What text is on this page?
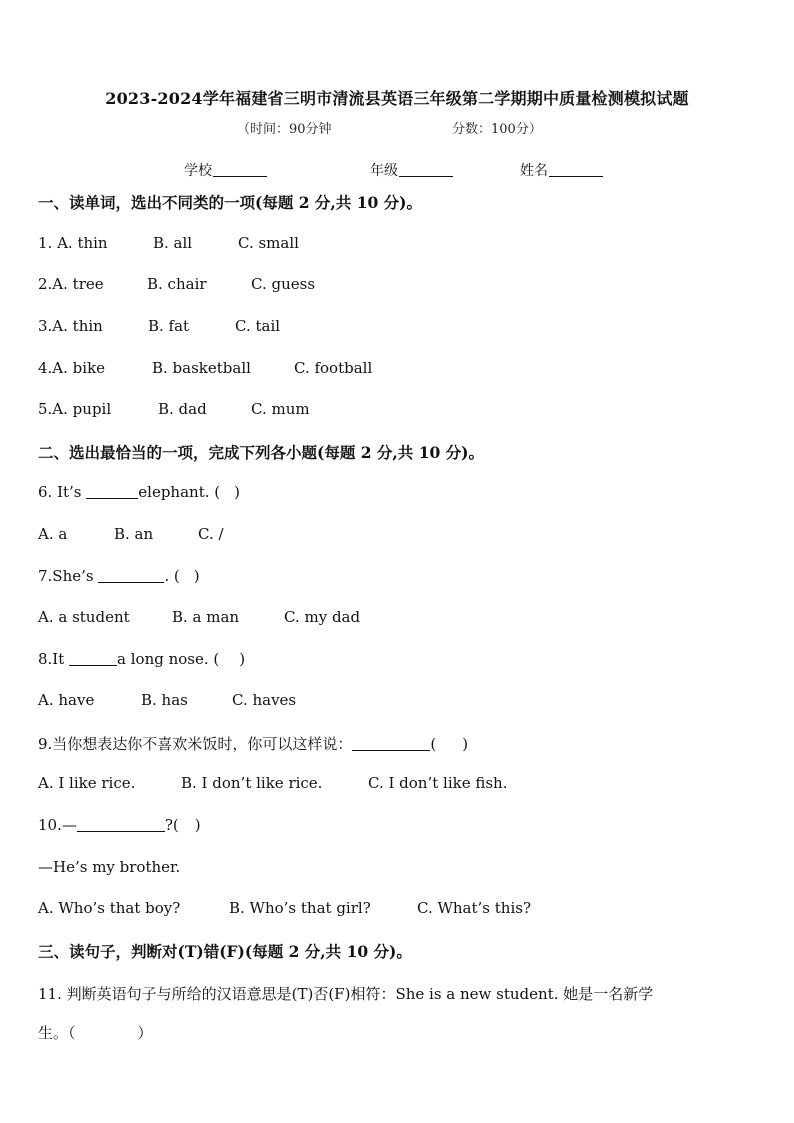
2023-2024学年福建省三明市清流县英语三年级第二学期期中质量检测模拟试题
（时间：90分钟	分数：100分）
学校	年级	姓名
一、读单词，选出不同类的一项(每题 2 分,共 10 分)。
1. A. thin	B. all	C. small
2.A. tree	B. chair	C. guess
3.A. thin	B. fat	C. tail
4.A. bike	B. basketball	C. football
5.A. pupil	B. dad	C. mum
二、选出最恰当的一项，完成下列各小题(每题 2 分,共 10 分)。
6. It’s	elephant. ( )
A. a	B. an	C. /
7.She’s	. ( )
A. a student	B. a man	C. my dad
8.It	a long nose. ( )
A. have	B. has	C. haves
9.当你想表达你不喜欢米饭时，你可以这样说：	( )
A. I like rice.	B. I don’t like rice.	C. I don’t like fish.
10.—	?( )
—He’s my brother.
A. Who’s that boy?	B. Who’s that girl?	C. What’s this?
三、读句子，判断对(T)错(F)(每题 2 分,共 10 分)。
11. 判断英语句子与所给的汉语意思是(T)否(F)相符：She is a new student. 她是一名新学
生。（	）
